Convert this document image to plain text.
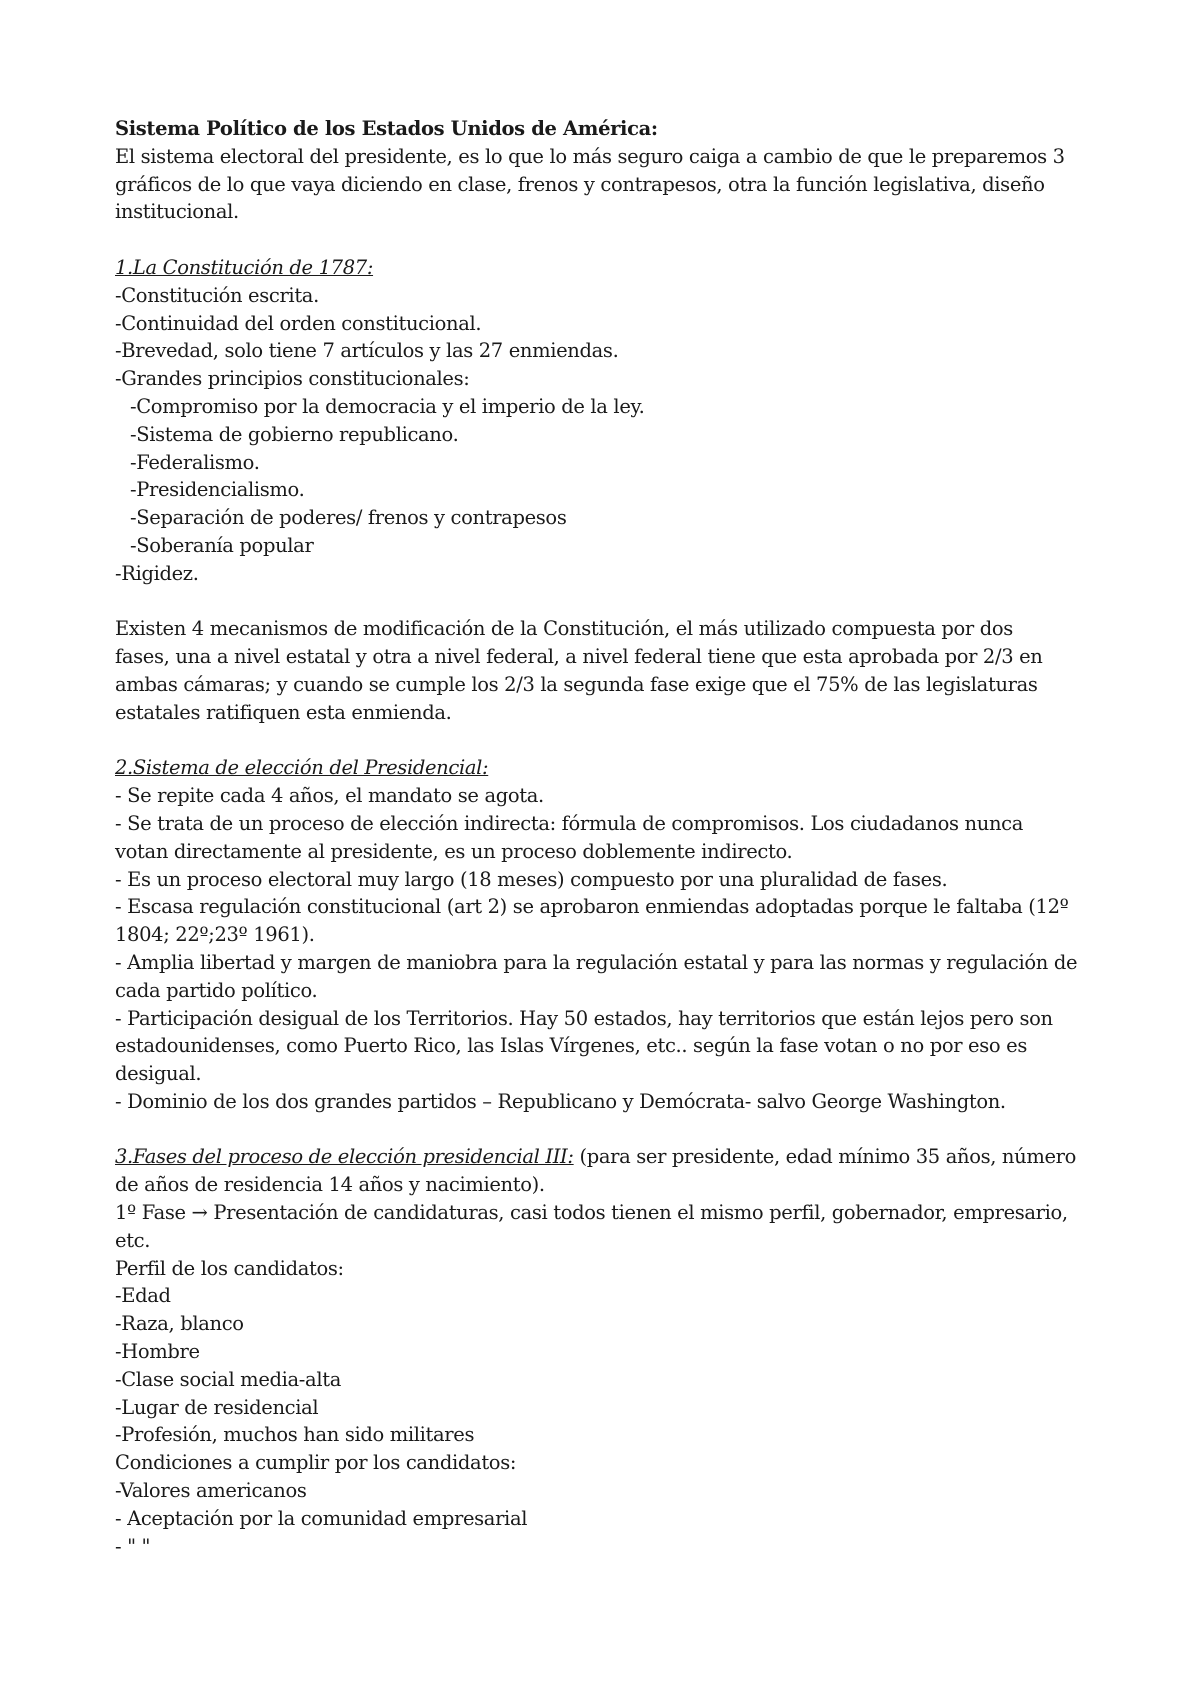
Sistema Político de los Estados Unidos de América:
El sistema electoral del presidente, es lo que lo más seguro caiga a cambio de que le preparemos 3
gráficos de lo que vaya diciendo en clase, frenos y contrapesos, otra la función legislativa, diseño
institucional.
1.La Constitución de 1787:
-Constitución escrita.
-Continuidad del orden constitucional.
-Brevedad, solo tiene 7 artículos y las 27 enmiendas.
-Grandes principios constitucionales:
-Compromiso por la democracia y el imperio de la ley.
-Sistema de gobierno republicano.
-Federalismo.
-Presidencialismo.
-Separación de poderes/ frenos y contrapesos
-Soberanía popular
-Rigidez.
Existen 4 mecanismos de modificación de la Constitución, el más utilizado compuesta por dos
fases, una a nivel estatal y otra a nivel federal, a nivel federal tiene que esta aprobada por 2/3 en
ambas cámaras; y cuando se cumple los 2/3 la segunda fase exige que el 75% de las legislaturas
estatales ratifiquen esta enmienda.
2.Sistema de elección del Presidencial:
- Se repite cada 4 años, el mandato se agota.
- Se trata de un proceso de elección indirecta: fórmula de compromisos. Los ciudadanos nunca
votan directamente al presidente, es un proceso doblemente indirecto.
- Es un proceso electoral muy largo (18 meses) compuesto por una pluralidad de fases.
- Escasa regulación constitucional (art 2) se aprobaron enmiendas adoptadas porque le faltaba (12º
1804; 22º;23º 1961).
- Amplia libertad y margen de maniobra para la regulación estatal y para las normas y regulación de
cada partido político.
- Participación desigual de los Territorios. Hay 50 estados, hay territorios que están lejos pero son
estadounidenses, como Puerto Rico, las Islas Vírgenes, etc.. según la fase votan o no por eso es
desigual.
- Dominio de los dos grandes partidos – Republicano y Demócrata- salvo George Washington.
3.Fases del proceso de elección presidencial III: (para ser presidente, edad mínimo 35 años, número
de años de residencia 14 años y nacimiento).
1º Fase → Presentación de candidaturas, casi todos tienen el mismo perfil, gobernador, empresario,
etc.
Perfil de los candidatos:
-Edad
-Raza, blanco
-Hombre
-Clase social media-alta
-Lugar de residencial
-Profesión, muchos han sido militares
Condiciones a cumplir por los candidatos:
-Valores americanos
- Aceptación por la comunidad empresarial
- " "
